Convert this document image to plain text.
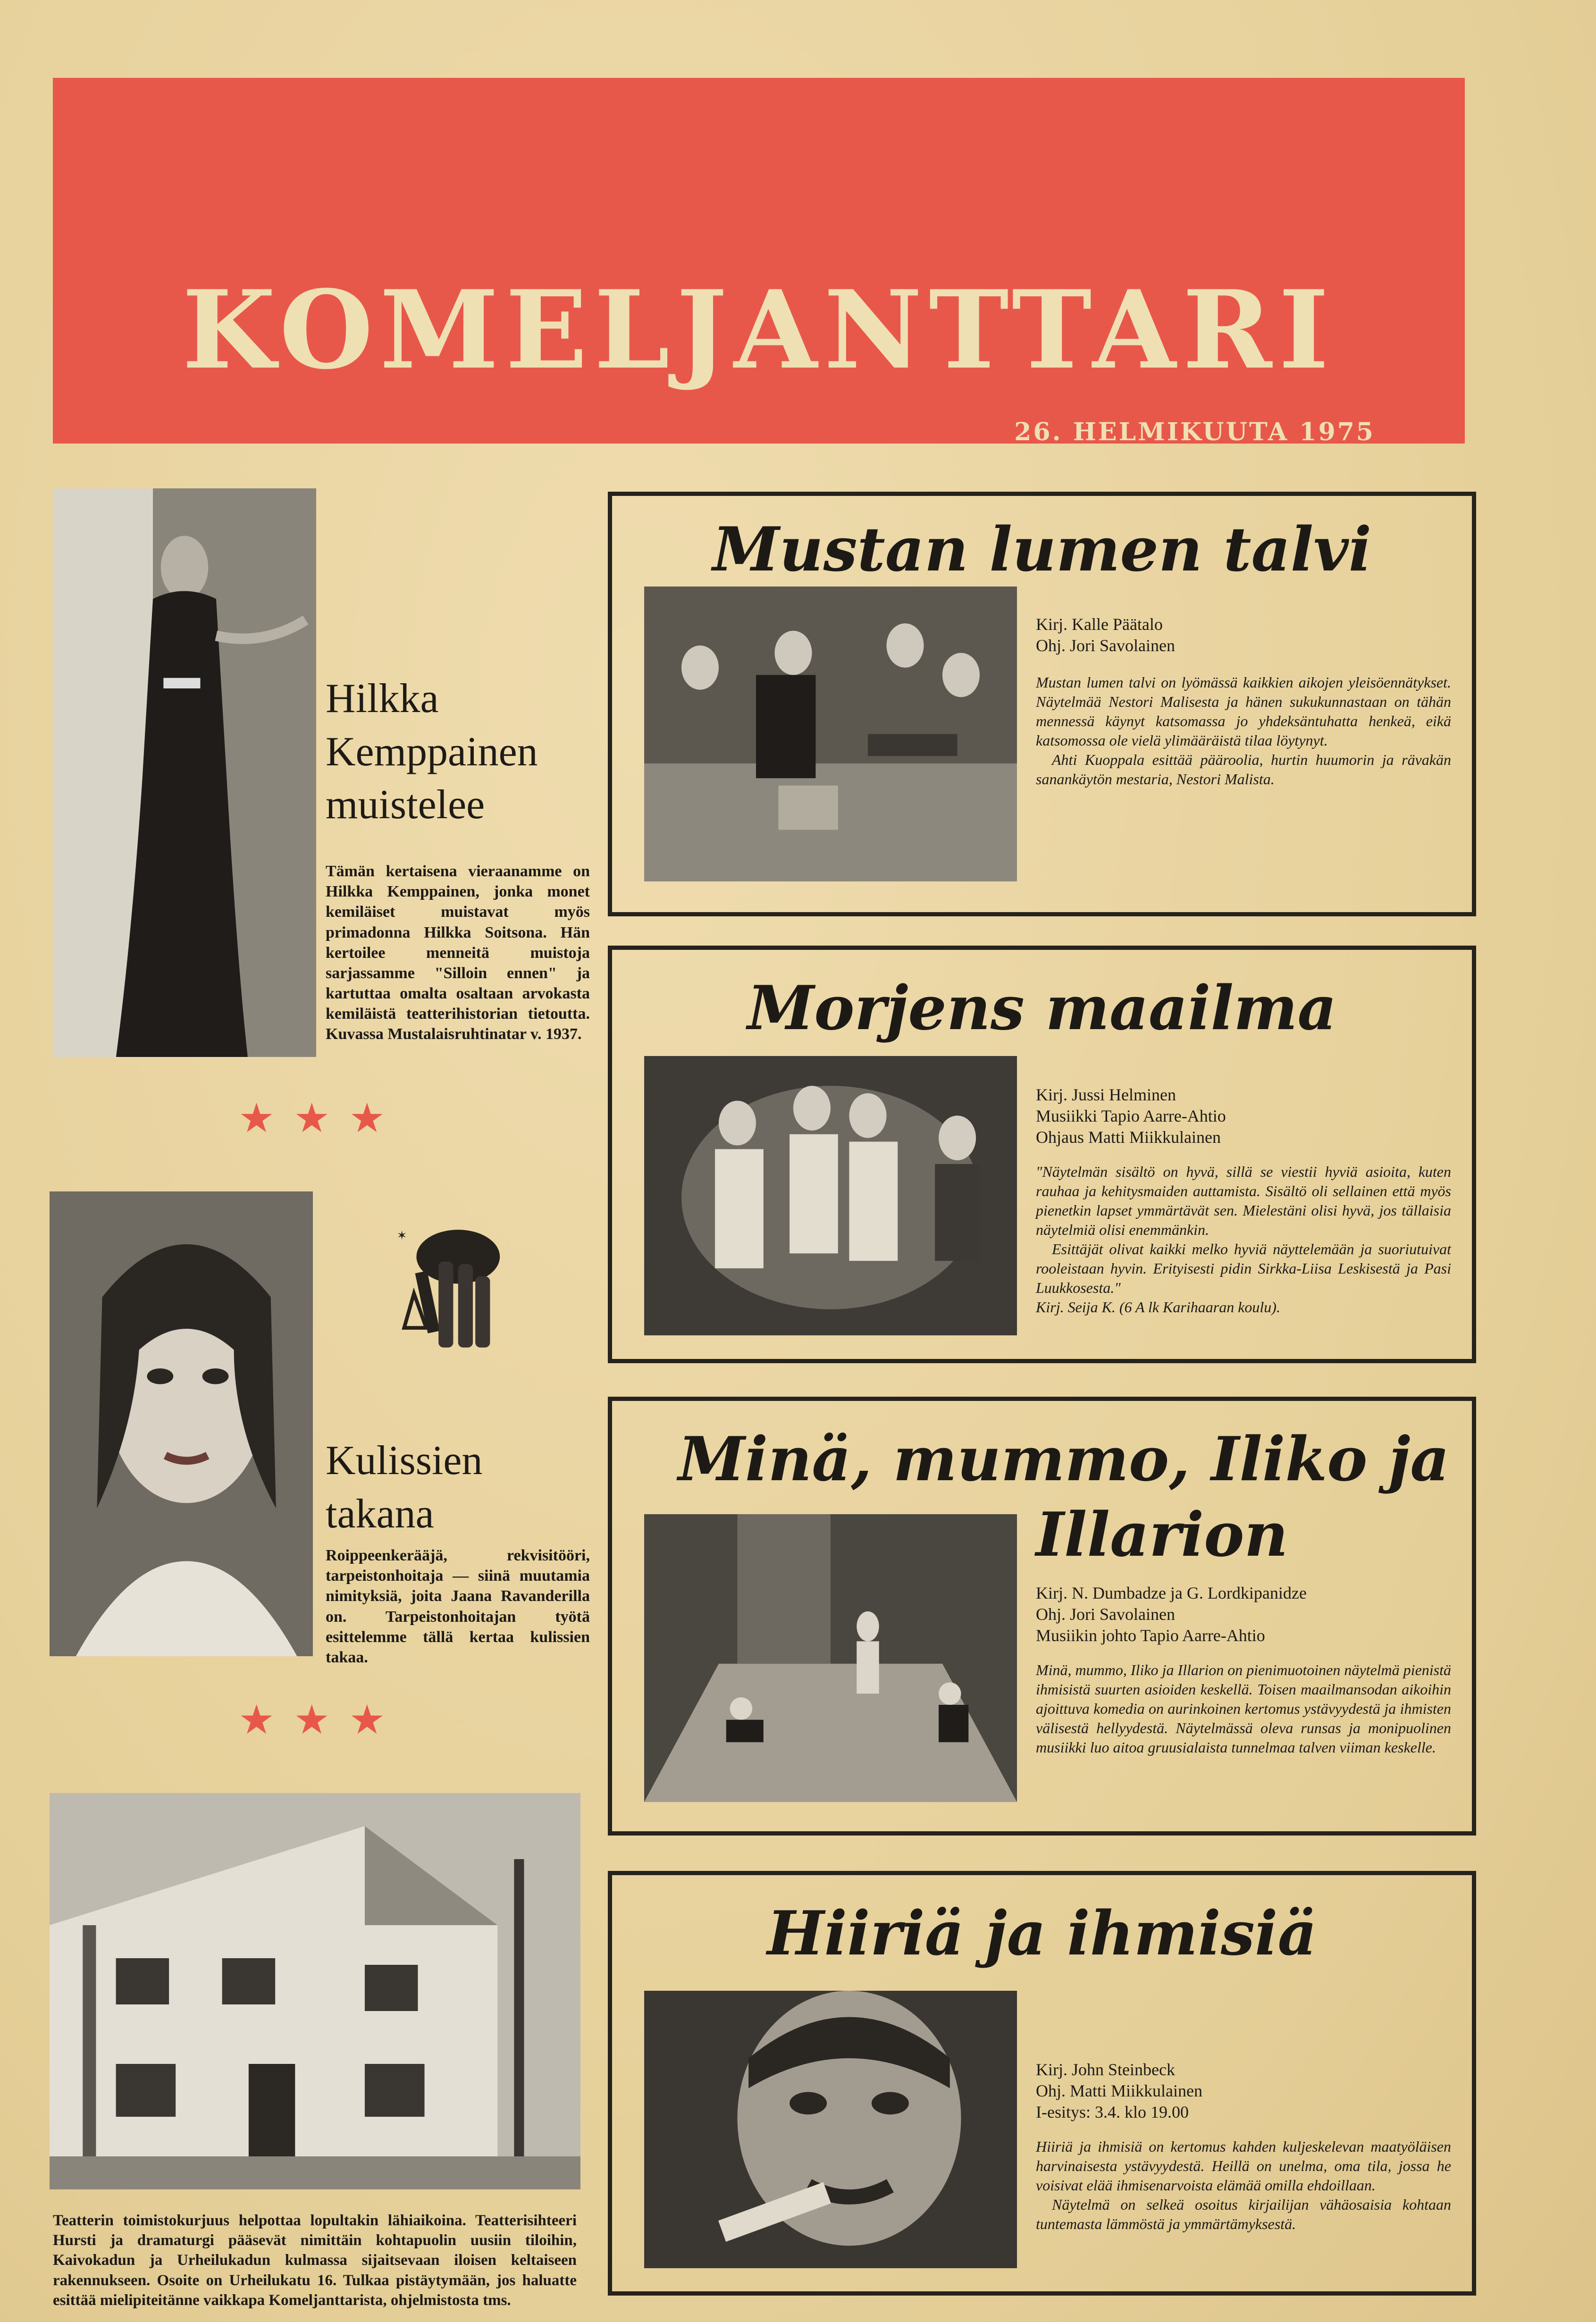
KOMELJANTTARI
26. HELMIKUUTA 1975
Hilkka Kemppainen muistelee
Tämän kertaisena vieraanamme on Hilkka Kemppainen, jonka monet kemiläiset muistavat myös primadonna Hilkka Soitsona. Hän kertoilee menneitä muistoja sarjassamme "Silloin ennen" ja kartuttaa omalta osaltaan arvokasta kemiläistä teatterihistorian tietoutta. Kuvassa Mustalaisruhtinatar v. 1937.
★★★
✶
Kulissien takana
Roippeenkerääjä, rekvisitööri, tarpeistonhoitaja — siinä muutamia nimityksiä, joita Jaana Ravanderilla on. Tarpeistonhoitajan työtä esittelemme tällä kertaa kulissien takaa.
★★★
Teatterin toimistokurjuus helpottaa lopultakin lähiaikoina. Teatterisihteeri Hursti ja dramaturgi pääsevät nimittäin kohtapuolin uusiin tiloihin, Kaivokadun ja Urheilukadun kulmassa sijaitsevaan iloisen keltaiseen rakennukseen. Osoite on Urheilukatu 16. Tulkaa pistäytymään, jos haluatte esittää mielipiteitänne vaikkapa Komeljanttarista, ohjelmistosta tms.
Mustan lumen talvi
Kirj. Kalle Päätalo
Ohj. Jori Savolainen

Mustan lumen talvi on lyömässä kaikkien aikojen yleisöennätykset. Näytelmää Nestori Malisesta ja hänen sukukunnastaan on tähän mennessä käynyt katsomassa jo yhdeksäntuhatta henkeä, eikä katsomossa ole vielä ylimääräistä tilaa löytynyt.

Ahti Kuoppala esittää pääroolia, hurtin huumorin ja rävakän sanankäytön mestaria, Nestori Malista.

Morjens maailma
Kirj. Jussi Helminen
Musiikki Tapio Aarre-Ahtio
Ohjaus Matti Miikkulainen

"Näytelmän sisältö on hyvä, sillä se viestii hyviä asioita, kuten rauhaa ja kehitysmaiden auttamista. Sisältö oli sellainen että myös pienetkin lapset ymmärtävät sen. Mielestäni olisi hyvä, jos tällaisia näytelmiä olisi enemmänkin.

Esittäjät olivat kaikki melko hyviä näyttelemään ja suoriutuivat rooleistaan hyvin. Erityisesti pidin Sirkka-Liisa Leskisestä ja Pasi Luukkosesta."

Kirj. Seija K. (6 A lk Karihaaran koulu).

Minä, mummo, Iliko ja
Illarion
Kirj. N. Dumbadze ja G. Lordkipanidze
Ohj. Jori Savolainen
Musiikin johto Tapio Aarre-Ahtio

Minä, mummo, Iliko ja Illarion on pienimuotoinen näytelmä pienistä ihmisistä suurten asioiden keskellä. Toisen maailmansodan aikoihin ajoittuva komedia on aurinkoinen kertomus ystävyydestä ja ihmisten välisestä hellyydestä. Näytelmässä oleva runsas ja monipuolinen musiikki luo aitoa gruusialaista tunnelmaa talven viiman keskelle.

Hiiriä ja ihmisiä
Kirj. John Steinbeck
Ohj. Matti Miikkulainen
I-esitys: 3.4. klo 19.00

Hiiriä ja ihmisiä on kertomus kahden kuljeskelevan maatyöläisen harvinaisesta ystävyydestä. Heillä on unelma, oma tila, jossa he voisivat elää ihmisenarvoista elämää omilla ehdoillaan.

Näytelmä on selkeä osoitus kirjailijan vähäosaisia kohtaan tuntemasta lämmöstä ja ymmärtämyksestä.
